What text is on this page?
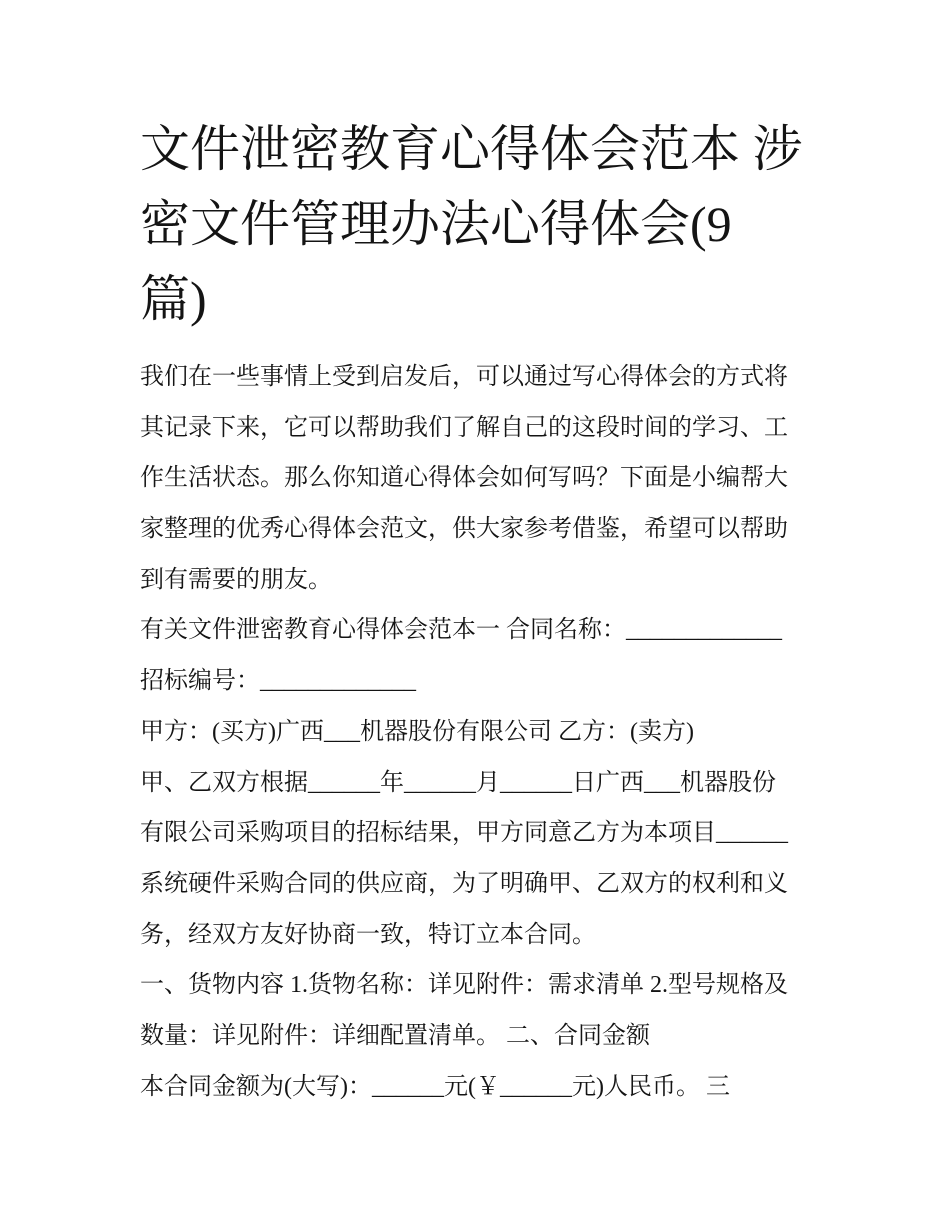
文件泄密教育心得体会范本 涉
密文件管理办法心得体会(9
篇)
我们在一些事情上受到启发后，可以通过写心得体会的方式将
其记录下来，它可以帮助我们了解自己的这段时间的学习、工
作生活状态。那么你知道心得体会如何写吗？下面是小编帮大
家整理的优秀心得体会范文，供大家参考借鉴，希望可以帮助
到有需要的朋友。
有关文件泄密教育心得体会范本一 合同名称：_____________
招标编号：_____________
甲方：(买方)广西___机器股份有限公司 乙方：(卖方)
甲、乙双方根据______年______月______日广西___机器股份
有限公司采购项目的招标结果，甲方同意乙方为本项目______
系统硬件采购合同的供应商，为了明确甲、乙双方的权利和义
务，经双方友好协商一致，特订立本合同。
一、货物内容 1.货物名称：详见附件：需求清单 2.型号规格及
数量：详见附件：详细配置清单。 二、合同金额
本合同金额为(大写)：______元(￥______元)人民币。 三
